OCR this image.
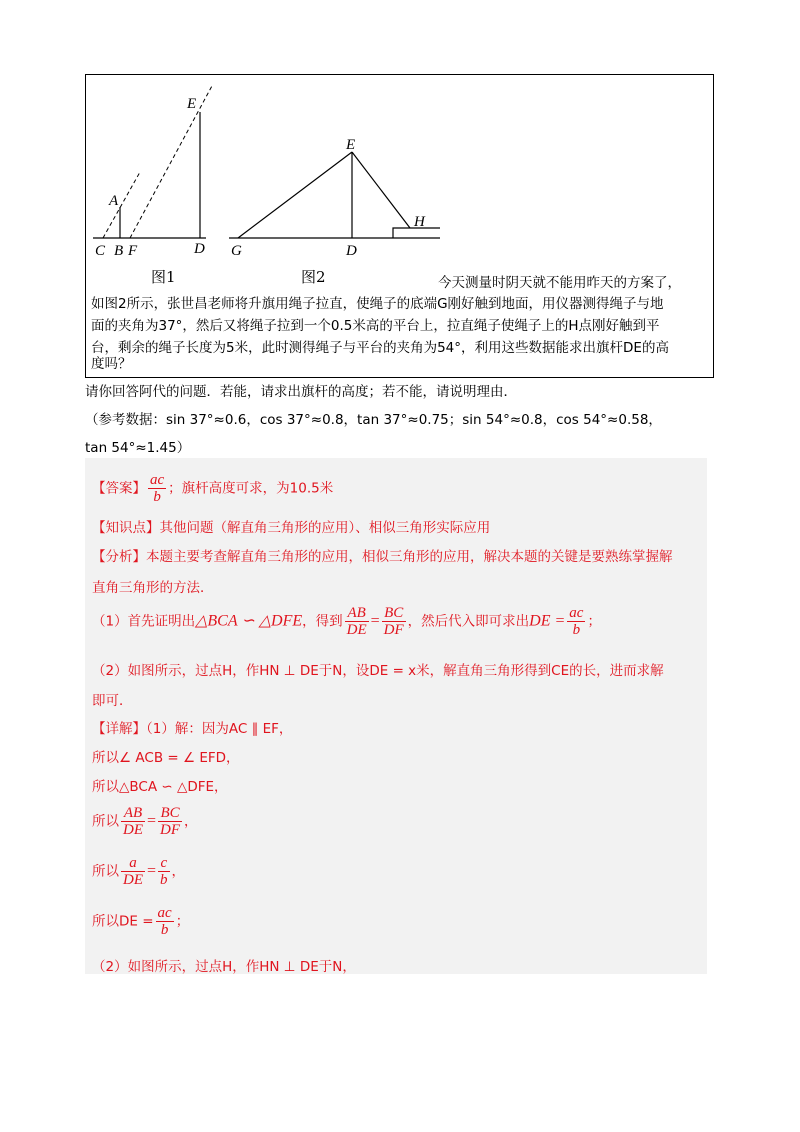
E
A
C B F	D
E
G	D
H
图1	图2	今天测量时阴天就不能用昨天的方案了，
如图2所示，张世昌老师将升旗用绳子拉直，使绳子的底端G刚好触到地面，用仪器测得绳子与地
面的夹角为37°，然后又将绳子拉到一个0.5米高的平台上，拉直绳子使绳子上的H点刚好触到平
台，剩余的绳子长度为5米，此时测得绳子与平台的夹角为54°，利用这些数据能求出旗杆DE的高
度吗？
请你回答阿代的问题．若能，请求出旗杆的高度；若不能，请说明理由．
（参考数据：sin 37°≈0.6，cos 37°≈0.8，tan 37°≈0.75；sin 54°≈0.8，cos 54°≈0.58，
tan 54°≈1.45）
【答案】 $\frac{ac}{b}$ ；旗杆高度可求，为10.5米
【知识点】其他问题（解直角三角形的应用）、相似三角形实际应用
【分析】本题主要考查解直角三角形的应用，相似三角形的应用，解决本题的关键是要熟练掌握解
直角三角形的方法．
（1）首先证明出△BCA ∽ △DFE，得到 $\frac{AB}{DE} = \frac{BC}{DF}$ ，然后代入即可求出DE = $\frac{ac}{b}$ ；
（2）如图所示，过点H，作HN ⊥ DE于N，设DE = x米，解直角三角形得到CE的长，进而求解
即可．
【详解】（1）解：因为AC ∥ EF，
所以∠ ACB = ∠ EFD，
所以△BCA ∽ △DFE，
所以 $\frac{AB}{DE} = \frac{BC}{DF}$ ，
所以 $\frac{a}{DE} = \frac{c}{b}$ ，
所以DE = $\frac{ac}{b}$ ；
（2）如图所示，过点H，作HN ⊥ DE于N，
